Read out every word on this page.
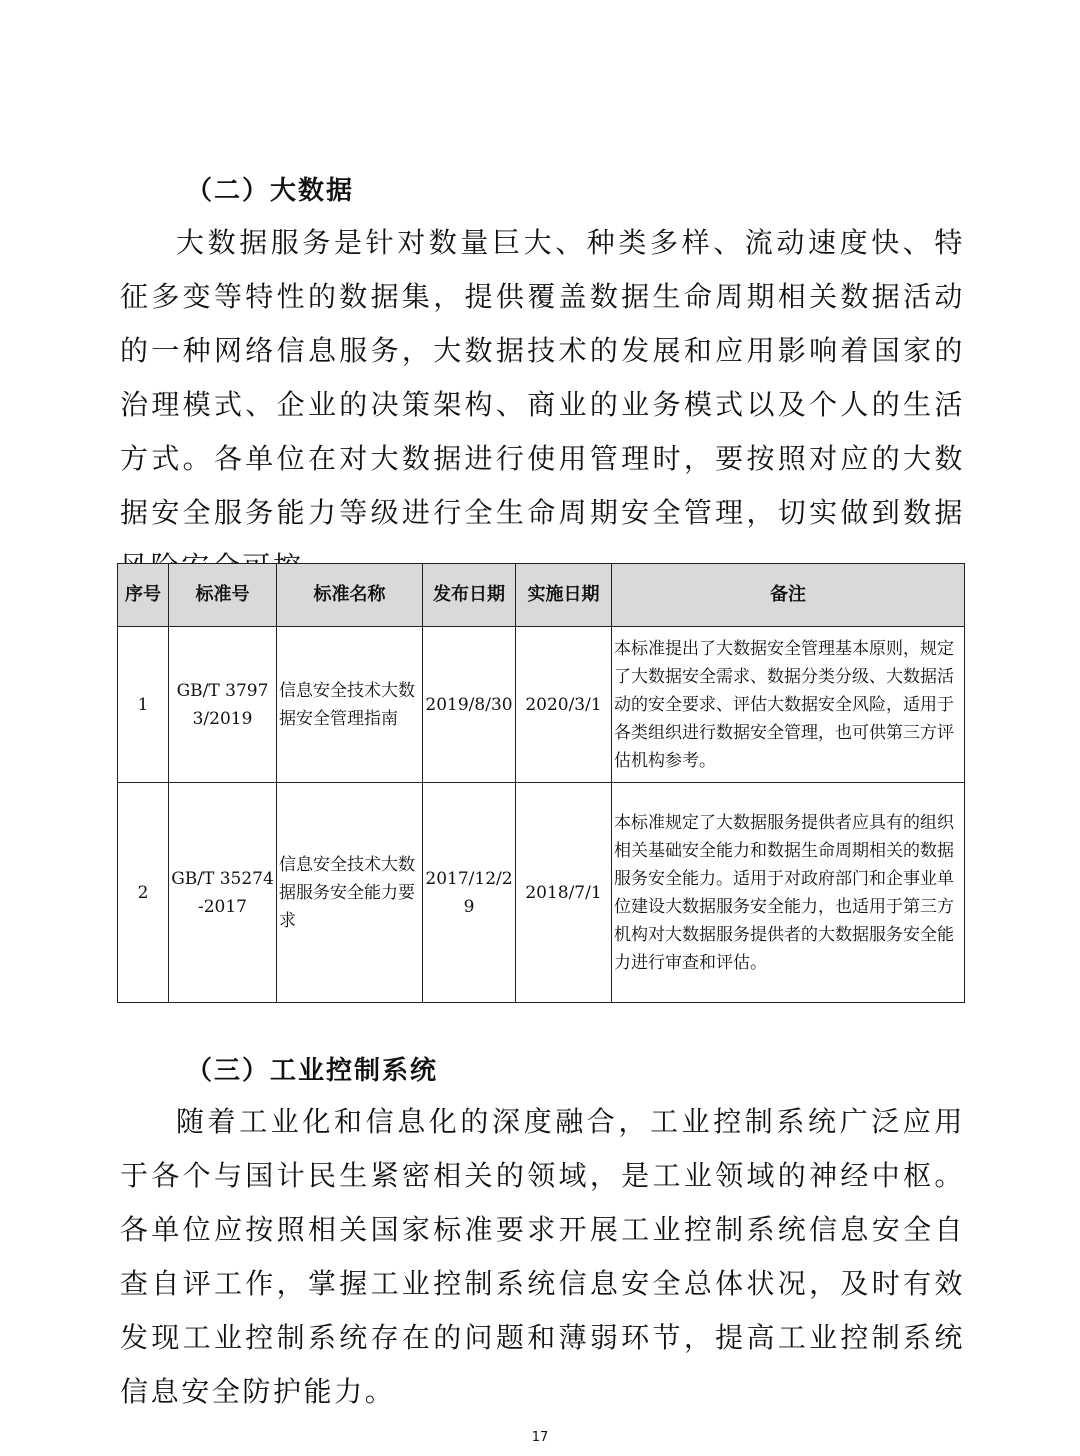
（二）大数据

大数据服务是针对数量巨大、种类多样、流动速度快、特征多变等特性的数据集，提供覆盖数据生命周期相关数据活动的一种网络信息服务，大数据技术的发展和应用影响着国家的治理模式、企业的决策架构、商业的业务模式以及个人的生活方式。各单位在对大数据进行使用管理时，要按照对应的大数据安全服务能力等级进行全生命周期安全管理，切实做到数据

序号	标准号	标准名称	发布日期	实施日期	备注
1	GB/T 37973/2019	信息安全技术大数据安全管理指南	2019/8/30	2020/3/1	本标准提出了大数据安全管理基本原则，规定了大数据安全需求、数据分类分级、大数据活动的安全要求、评估大数据安全风险，适用于各类组织进行数据安全管理，也可供第三方评估机构参考。
2	GB/T 35274-2017	信息安全技术大数据服务安全能力要求	2017/12/29	2018/7/1	本标准规定了大数据服务提供者应具有的组织相关基础安全能力和数据生命周期相关的数据服务安全能力。适用于对政府部门和企事业单位建设大数据服务安全能力，也适用于第三方机构对大数据服务提供者的大数据服务安全能力进行审查和评估。
（三）工业控制系统

随着工业化和信息化的深度融合，工业控制系统广泛应用于各个与国计民生紧密相关的领域，是工业领域的神经中枢。各单位应按照相关国家标准要求开展工业控制系统信息安全自查自评工作，掌握工业控制系统信息安全总体状况，及时有效发现工业控制系统存在的问题和薄弱环节，提高工业控制系统信息安全防护能力。

17
